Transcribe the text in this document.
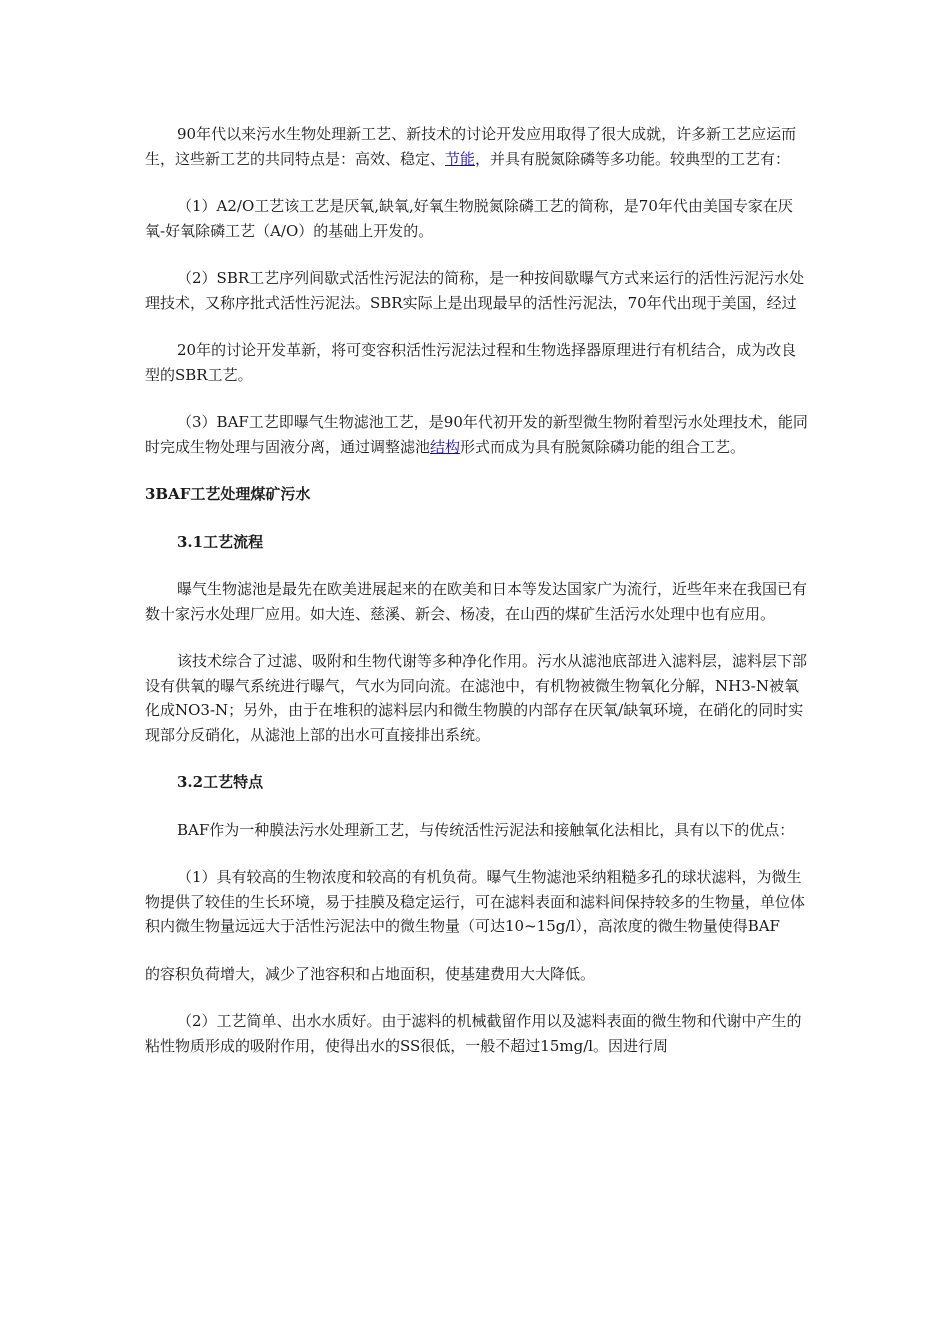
90年代以来污水生物处理新工艺、新技术的讨论开发应用取得了很大成就，许多新工艺应运而生，这些新工艺的共同特点是：高效、稳定、节能，并具有脱氮除磷等多功能。较典型的工艺有：

（1）A2/O工艺该工艺是厌氧,缺氧,好氧生物脱氮除磷工艺的简称，是70年代由美国专家在厌氧-好氧除磷工艺（A/O）的基础上开发的。

（2）SBR工艺序列间歇式活性污泥法的简称，是一种按间歇曝气方式来运行的活性污泥污水处理技术，又称序批式活性污泥法。SBR实际上是出现最早的活性污泥法，70年代出现于美国，经过

20年的讨论开发革新，将可变容积活性污泥法过程和生物选择器原理进行有机结合，成为改良型的SBR工艺。

（3）BAF工艺即曝气生物滤池工艺，是90年代初开发的新型微生物附着型污水处理技术，能同时完成生物处理与固液分离，通过调整滤池结构形式而成为具有脱氮除磷功能的组合工艺。

3BAF工艺处理煤矿污水
3.1工艺流程

曝气生物滤池是最先在欧美进展起来的在欧美和日本等发达国家广为流行，近些年来在我国已有数十家污水处理厂应用。如大连、慈溪、新会、杨凌，在山西的煤矿生活污水处理中也有应用。

该技术综合了过滤、吸附和生物代谢等多种净化作用。污水从滤池底部进入滤料层，滤料层下部设有供氧的曝气系统进行曝气，气水为同向流。在滤池中，有机物被微生物氧化分解，NH3-N被氧化成NO3-N；另外，由于在堆积的滤料层内和微生物膜的内部存在厌氧/缺氧环境，在硝化的同时实现部分反硝化，从滤池上部的出水可直接排出系统。

3.2工艺特点

BAF作为一种膜法污水处理新工艺，与传统活性污泥法和接触氧化法相比，具有以下的优点：

（1）具有较高的生物浓度和较高的有机负荷。曝气生物滤池采纳粗糙多孔的球状滤料，为微生物提供了较佳的生长环境，易于挂膜及稳定运行，可在滤料表面和滤料间保持较多的生物量，单位体积内微生物量远远大于活性污泥法中的微生物量（可达10~15g/l），高浓度的微生物量使得BAF

的容积负荷增大，减少了池容积和占地面积，使基建费用大大降低。

（2）工艺简单、出水水质好。由于滤料的机械截留作用以及滤料表面的微生物和代谢中产生的粘性物质形成的吸附作用，使得出水的SS很低，一般不超过15mg/l。因进行周
